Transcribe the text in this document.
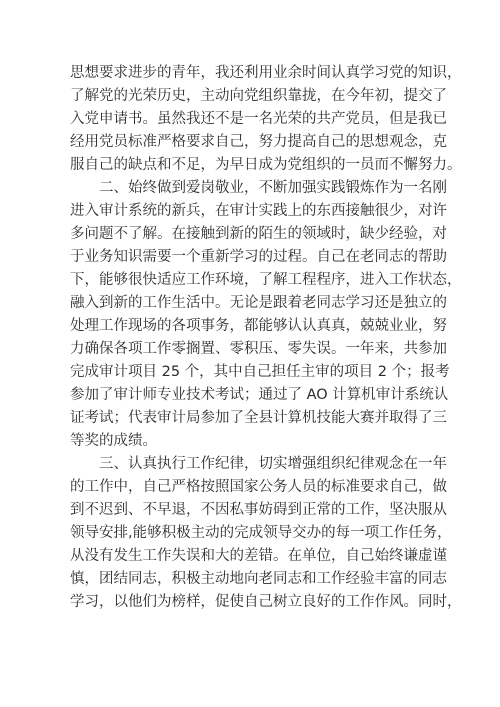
思想要求进步的青年，我还利用业余时间认真学习党的知识，
了解党的光荣历史，主动向党组织靠拢，在今年初，提交了
入党申请书。虽然我还不是一名光荣的共产党员，但是我已
经用党员标准严格要求自己，努力提高自己的思想观念，克
服自己的缺点和不足，为早日成为党组织的一员而不懈努力。
二、始终做到爱岗敬业，不断加强实践锻炼作为一名刚
进入审计系统的新兵，在审计实践上的东西接触很少，对许
多问题不了解。在接触到新的陌生的领域时，缺少经验，对
于业务知识需要一个重新学习的过程。自己在老同志的帮助
下，能够很快适应工作环境，了解工程程序，进入工作状态，
融入到新的工作生活中。无论是跟着老同志学习还是独立的
处理工作现场的各项事务，都能够认认真真，兢兢业业，努
力确保各项工作零搁置、零积压、零失误。一年来，共参加
完成审计项目 25 个，其中自己担任主审的项目 2 个；报考
参加了审计师专业技术考试；通过了 AO 计算机审计系统认
证考试；代表审计局参加了全县计算机技能大赛并取得了三
等奖的成绩。
三、认真执行工作纪律，切实增强组织纪律观念在一年
的工作中，自己严格按照国家公务人员的标准要求自己，做
到不迟到、不早退，不因私事妨碍到正常的工作，坚决服从
领导安排,能够积极主动的完成领导交办的每一项工作任务，
从没有发生工作失误和大的差错。在单位，自己始终谦虚谨
慎，团结同志，积极主动地向老同志和工作经验丰富的同志
学习，以他们为榜样，促使自己树立良好的工作作风。同时，
